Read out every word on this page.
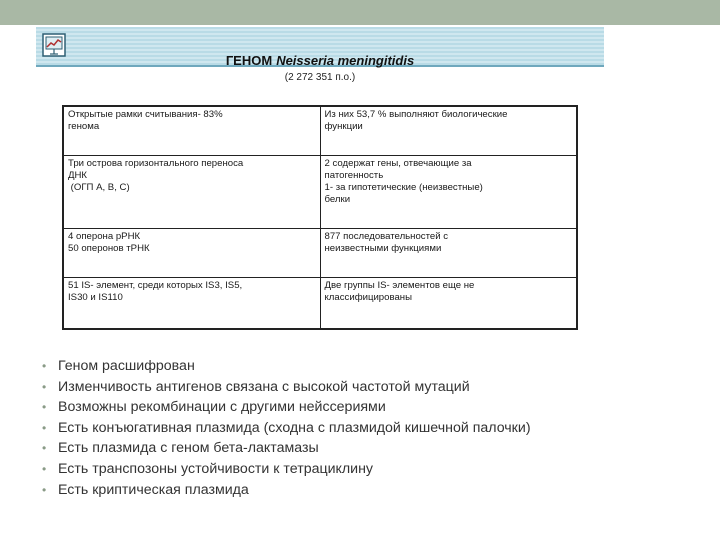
ГЕНОМ Neisseria meningitidis
(2 272 351 п.о.)
Открытые рамки считывания- 83%
генома	Из них 53,7 % выполняют биологические
функции

Три острова горизонтального переноса
ДНК
(ОГП А, В, С)	2 содержат гены, отвечающие за
патогенность
1- за гипотетические (неизвестные)
белки

4 оперона рРНК
50 оперонов тРНК	877 последовательностей с
неизвестными функциями

51 IS- элемент, среди которых IS3, IS5,
IS30 и IS110	Две группы IS- элементов еще не
классифицированы
• Геном расшифрован
• Изменчивость антигенов связана с высокой частотой мутаций
• Возможны рекомбинации с другими нейссериями
• Есть конъюгативная плазмида (сходна с плазмидой кишечной палочки)
• Есть плазмида с геном бета-лактамазы
• Есть транспозоны устойчивости к тетрациклину
• Есть криптическая плазмида
